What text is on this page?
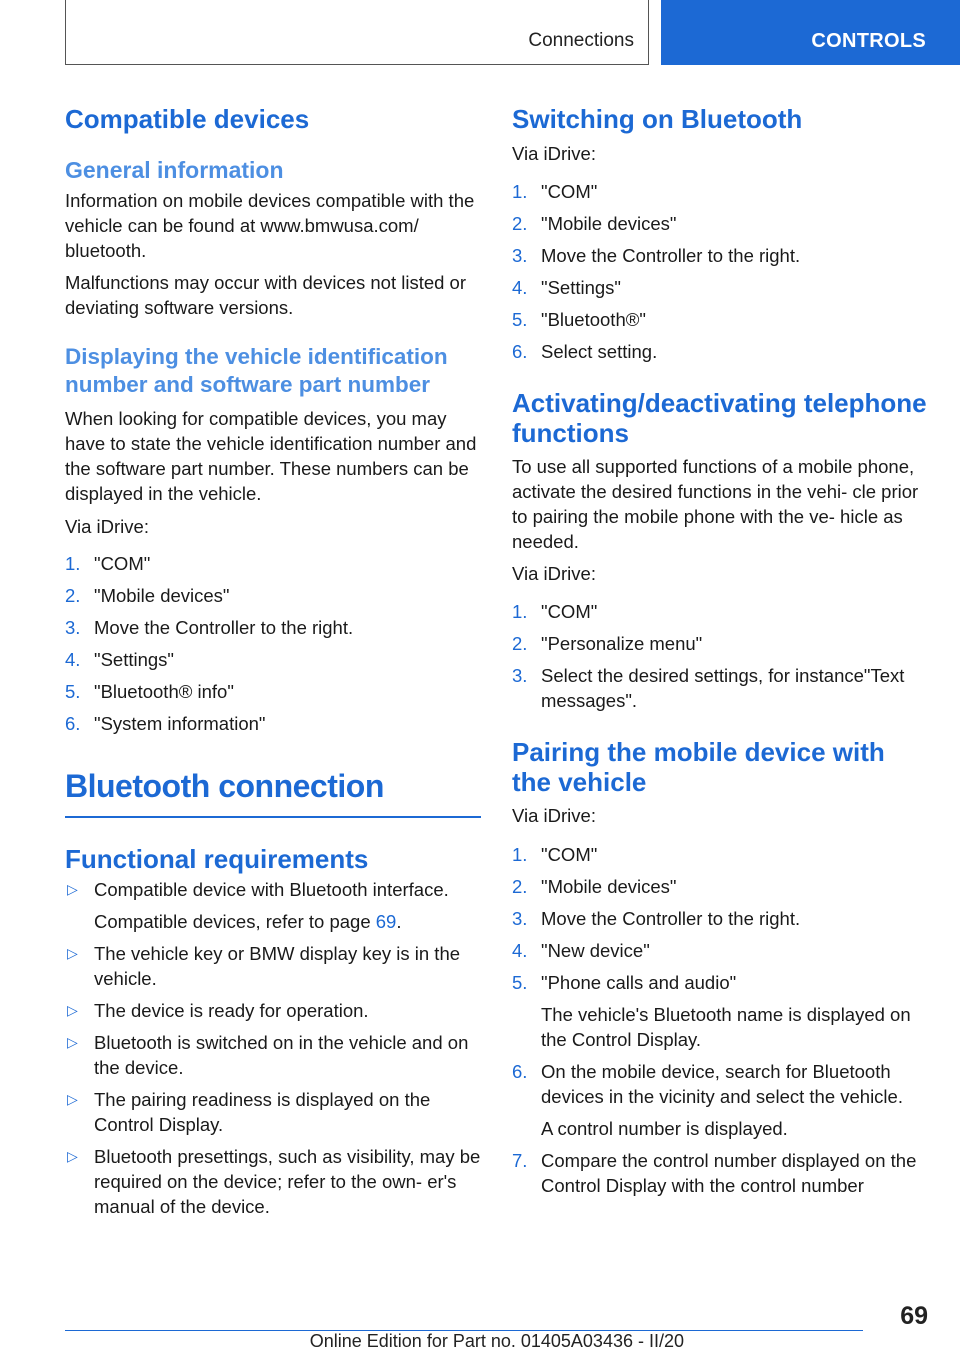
Connections	CONTROLS
Compatible devices
General information

Information on mobile devices compatible with the vehicle can be found at www.bmwusa.com/ bluetooth.

Malfunctions may occur with devices not listed or deviating software versions.

Displaying the vehicle identification number and software part number

When looking for compatible devices, you may have to state the vehicle identification number and the software part number. These numbers can be displayed in the vehicle.

Via iDrive:

1. "COM"
2. "Mobile devices"
3. Move the Controller to the right.
4. "Settings"
5. "Bluetooth® info"
6. "System information"
Bluetooth connection
Functional requirements
▷ Compatible device with Bluetooth interface.
Compatible devices, refer to page 69.
▷ The vehicle key or BMW display key is in the vehicle.
▷ The device is ready for operation.
▷ Bluetooth is switched on in the vehicle and on the device.
▷ The pairing readiness is displayed on the Control Display.
▷ Bluetooth presettings, such as visibility, may be required on the device; refer to the own- er's manual of the device.
Switching on Bluetooth

Via iDrive:

1. "COM"
2. "Mobile devices"
3. Move the Controller to the right.
4. "Settings"
5. "Bluetooth®"
6. Select setting.
Activating/deactivating telephone functions

To use all supported functions of a mobile phone, activate the desired functions in the vehi- cle prior to pairing the mobile phone with the ve- hicle as needed.

Via iDrive:

1. "COM"
2. "Personalize menu"
3. Select the desired settings, for instance"Text messages".
Pairing the mobile device with the vehicle

Via iDrive:

1. "COM"
2. "Mobile devices"
3. Move the Controller to the right.
4. "New device"
5. "Phone calls and audio"
The vehicle's Bluetooth name is displayed on the Control Display.
6. On the mobile device, search for Bluetooth devices in the vicinity and select the vehicle.
A control number is displayed.
7. Compare the control number displayed on the Control Display with the control number
69
Online Edition for Part no. 01405A03436 - II/20
